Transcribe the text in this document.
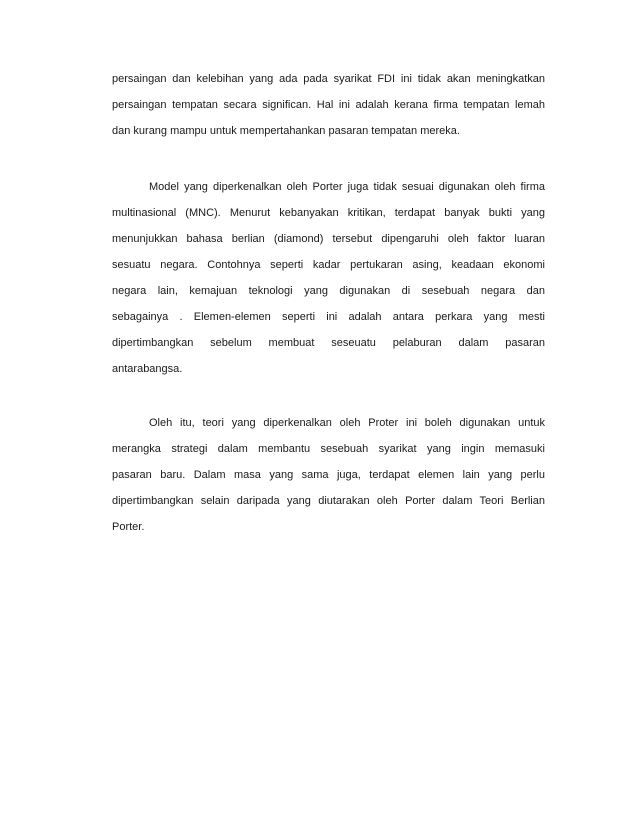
persaingan dan kelebihan yang ada pada syarikat FDI ini tidak akan meningkatkan
persaingan tempatan secara significan. Hal ini adalah kerana firma tempatan lemah
dan kurang mampu untuk mempertahankan pasaran tempatan mereka.
Model yang diperkenalkan oleh Porter juga tidak sesuai digunakan oleh firma
multinasional (MNC). Menurut kebanyakan kritikan, terdapat banyak bukti yang
menunjukkan bahasa berlian (diamond) tersebut dipengaruhi oleh faktor luaran
sesuatu negara. Contohnya seperti kadar pertukaran asing, keadaan ekonomi
negara lain, kemajuan teknologi yang digunakan di sesebuah negara dan
sebagainya . Elemen-elemen seperti ini adalah antara perkara yang mesti
dipertimbangkan sebelum membuat seseuatu pelaburan dalam pasaran
antarabangsa.
Oleh itu, teori yang diperkenalkan oleh Proter ini boleh digunakan untuk
merangka strategi dalam membantu sesebuah syarikat yang ingin memasuki
pasaran baru. Dalam masa yang sama juga, terdapat elemen lain yang perlu
dipertimbangkan selain daripada yang diutarakan oleh Porter dalam Teori Berlian
Porter.
